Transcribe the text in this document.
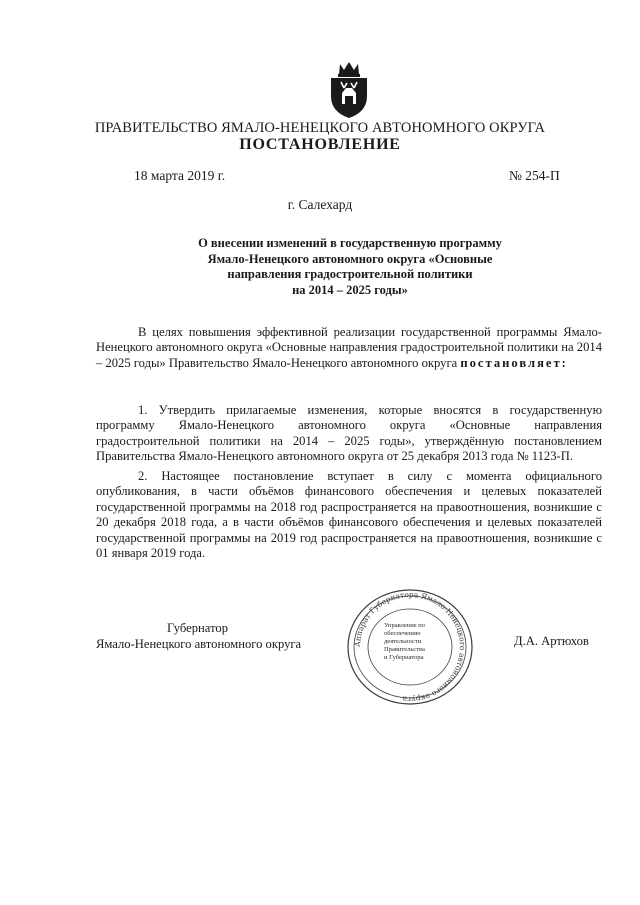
ПРАВИТЕЛЬСТВО ЯМАЛО-НЕНЕЦКОГО АВТОНОМНОГО ОКРУГА
ПОСТАНОВЛЕНИЕ
18 марта 2019 г.	№ 254-П
г. Салехард
О внесении изменений в государственную программу
Ямало-Ненецкого автономного округа «Основные
направления градостроительной политики
на 2014 – 2025 годы»

В целях повышения эффективной реализации государственной программы Ямало-Ненецкого автономного округа «Основные направления градостроительной политики на 2014 – 2025 годы» Правительство Ямало-Ненецкого автономного округа постановляет:

1. Утвердить прилагаемые изменения, которые вносятся в государственную программу Ямало-Ненецкого автономного округа «Основные направления градостроительной политики на 2014 – 2025 годы», утверждённую постановлением Правительства Ямало-Ненецкого автономного округа от 25 декабря 2013 года № 1123-П.

2. Настоящее постановление вступает в силу с момента официального опубликования, в части объёмов финансового обеспечения и целевых показателей государственной программы на 2018 год распространяется на правоотношения, возникшие с 20 декабря 2018 года, а в части объёмов финансового обеспечения и целевых показателей государственной программы на 2019 год распространяется на правоотношения, возникшие с 01 января 2019 года.

Губернатор
Ямало-Ненецкого автономного округа	Д.А. Артюхов
Аппарат Губернатора Ямало-Ненецкого автономного округа
Управление по
обеспечению
деятельности
Правительства
и Губернатора
